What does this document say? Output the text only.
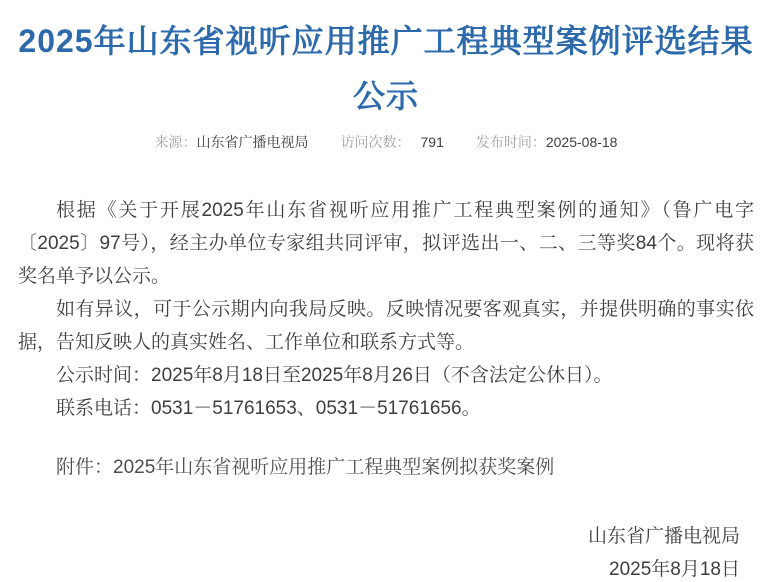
2025年山东省视听应用推广工程典型案例评选结果
公示
来源：山东省广播电视局 访问次数： 791 发布时间：2025-08-18

根据《关于开展2025年山东省视听应用推广工程典型案例的通知》（鲁广电字〔2025〕97号），经主办单位专家组共同评审，拟评选出一、二、三等奖84个。现将获奖名单予以公示。

如有异议，可于公示期内向我局反映。反映情况要客观真实，并提供明确的事实依据，告知反映人的真实姓名、工作单位和联系方式等。

公示时间：2025年8月18日至2025年8月26日（不含法定公休日）。

联系电话：0531－51761653、0531－51761656。

附件：2025年山东省视听应用推广工程典型案例拟获奖案例
山东省广播电视局
2025年8月18日
